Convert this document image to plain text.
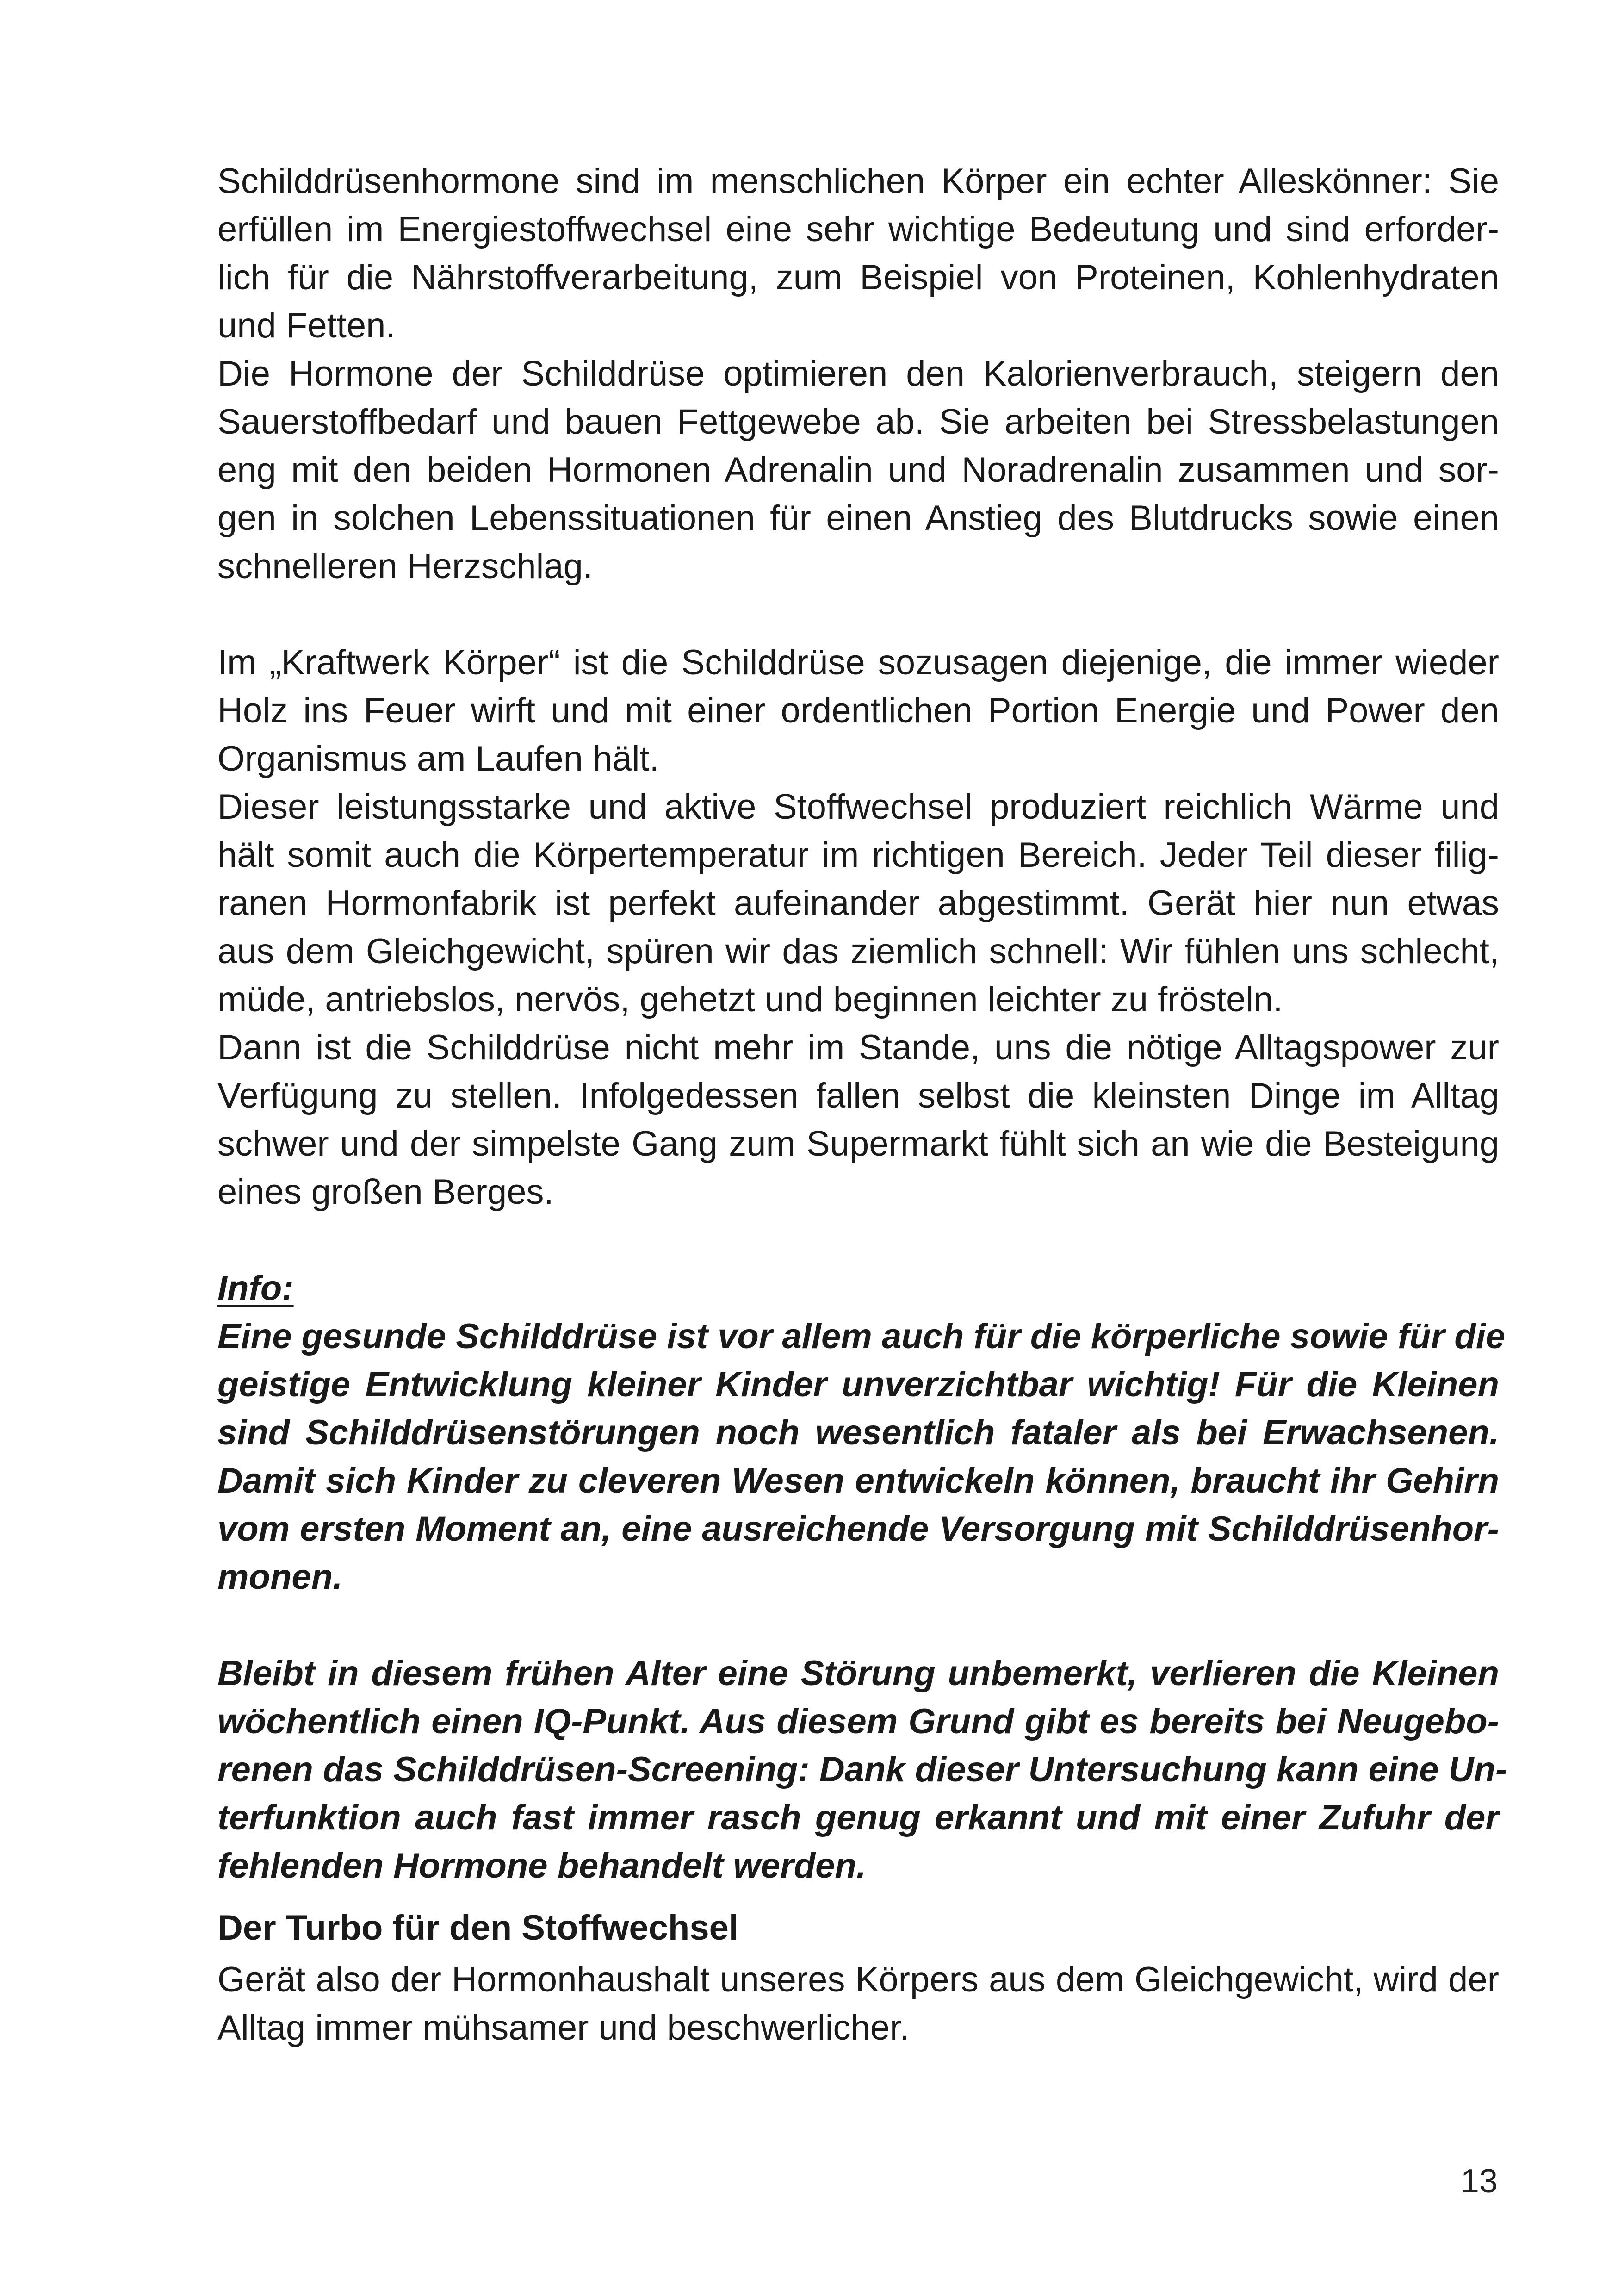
Schilddrüsenhormone sind im menschlichen Körper ein echter Alleskönner: Sie
erfüllen im Energiestoffwechsel eine sehr wichtige Bedeutung und sind erforder-
lich für die Nährstoffverarbeitung, zum Beispiel von Proteinen, Kohlenhydraten
und Fetten.
Die Hormone der Schilddrüse optimieren den Kalorienverbrauch, steigern den
Sauerstoffbedarf und bauen Fettgewebe ab. Sie arbeiten bei Stressbelastungen
eng mit den beiden Hormonen Adrenalin und Noradrenalin zusammen und sor-
gen in solchen Lebenssituationen für einen Anstieg des Blutdrucks sowie einen
schnelleren Herzschlag.
Im „Kraftwerk Körper“ ist die Schilddrüse sozusagen diejenige, die immer wieder
Holz ins Feuer wirft und mit einer ordentlichen Portion Energie und Power den
Organismus am Laufen hält.
Dieser leistungsstarke und aktive Stoffwechsel produziert reichlich Wärme und
hält somit auch die Körpertemperatur im richtigen Bereich. Jeder Teil dieser filig-
ranen Hormonfabrik ist perfekt aufeinander abgestimmt. Gerät hier nun etwas
aus dem Gleichgewicht, spüren wir das ziemlich schnell: Wir fühlen uns schlecht,
müde, antriebslos, nervös, gehetzt und beginnen leichter zu frösteln.
Dann ist die Schilddrüse nicht mehr im Stande, uns die nötige Alltagspower zur
Verfügung zu stellen. Infolgedessen fallen selbst die kleinsten Dinge im Alltag
schwer und der simpelste Gang zum Supermarkt fühlt sich an wie die Besteigung
eines großen Berges.
Info:
Eine gesunde Schilddrüse ist vor allem auch für die körperliche sowie für die
geistige Entwicklung kleiner Kinder unverzichtbar wichtig! Für die Kleinen
sind Schilddrüsenstörungen noch wesentlich fataler als bei Erwachsenen.
Damit sich Kinder zu cleveren Wesen entwickeln können, braucht ihr Gehirn
vom ersten Moment an, eine ausreichende Versorgung mit Schilddrüsenhor-
monen.
Bleibt in diesem frühen Alter eine Störung unbemerkt, verlieren die Kleinen
wöchentlich einen IQ-Punkt. Aus diesem Grund gibt es bereits bei Neugebo-
renen das Schilddrüsen-Screening: Dank dieser Untersuchung kann eine Un-
terfunktion auch fast immer rasch genug erkannt und mit einer Zufuhr der
fehlenden Hormone behandelt werden.
Der Turbo für den Stoffwechsel
Gerät also der Hormonhaushalt unseres Körpers aus dem Gleichgewicht, wird der
Alltag immer mühsamer und beschwerlicher.
13
